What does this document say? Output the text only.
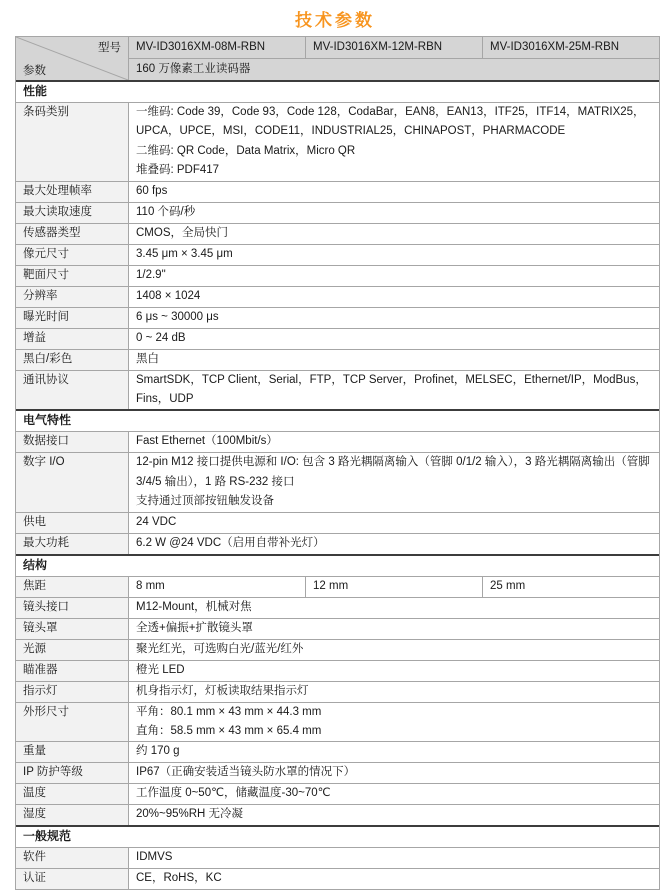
技术参数
型号
参数
MV-ID3016XM-08M-RBN	MV-ID3016XM-12M-RBN	MV-ID3016XM-25M-RBN
160 万像素工业读码器
性能
条码类别	一维码: Code 39，Code 93，Code 128，CodaBar，EAN8，EAN13，ITF25，ITF14，MATRIX25，UPCA，UPCE，MSI，CODE11，INDUSTRIAL25，CHINAPOST，PHARMACODE
二维码: QR Code，Data Matrix，Micro QR
堆叠码: PDF417
最大处理帧率	60 fps
最大读取速度	110 个码/秒
传感器类型	CMOS，全局快门
像元尺寸	3.45 μm × 3.45 μm
靶面尺寸	1/2.9"
分辨率	1408 × 1024
曝光时间	6 μs ~ 30000 μs
增益	0 ~ 24 dB
黑白/彩色	黑白
通讯协议	SmartSDK，TCP Client，Serial，FTP，TCP Server，Profinet，MELSEC，Ethernet/IP，ModBus，Fins，UDP
电气特性
数据接口	Fast Ethernet（100Mbit/s）
数字 I/O	12-pin M12 接口提供电源和 I/O: 包含 3 路光耦隔离输入（管脚 0/1/2 输入），3 路光耦隔离输出（管脚 3/4/5 输出），1 路 RS-232 接口
支持通过顶部按钮触发设备
供电	24 VDC
最大功耗	6.2 W @24 VDC（启用自带补光灯）
结构
焦距	8 mm	12 mm	25 mm
镜头接口	M12-Mount，机械对焦
镜头罩	全透+偏振+扩散镜头罩
光源	聚光红光，可选购白光/蓝光/红外
瞄准器	橙光 LED
指示灯	机身指示灯，灯板读取结果指示灯
外形尺寸	平角：80.1 mm × 43 mm × 44.3 mm
直角：58.5 mm × 43 mm × 65.4 mm
重量	约 170 g
IP 防护等级	IP67（正确安装适当镜头防水罩的情况下）
温度	工作温度 0~50℃，储藏温度-30~70℃
湿度	20%~95%RH 无冷凝
一般规范
软件	IDMVS
认证	CE，RoHS，KC
